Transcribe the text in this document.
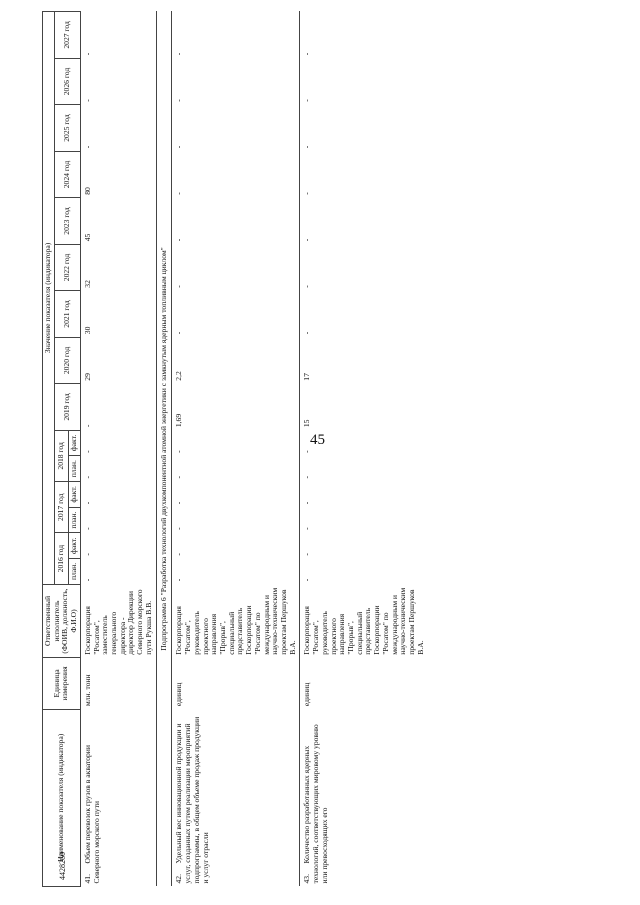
45
4428260
Наименование показателя (индикатора)	Единица измерения	Ответственный исполнитель (ФОИВ, должность, Ф.И.О)	Значение показателя (индикатора)														
			2016 год		2017 год		2018 год		2019 год	2020 год	2021 год	2022 год	2023 год	2024 год	2025 год	2026 год	2027 год
			план.	факт.	план.	факт.	план.	факт.									
41.Объем перевозок грузов в акватории Северного морского пути	млн. тонн	Госкорпорация "Росатом", заместитель генерального директора - директор Дирекции Северного морского пути Рукша В.В.	-	-	-	-	-	-	-	29	30	32	45	80	-	-	-
Подпрограмма 6 "Разработка технологий двухкомпонентной атомной энергетики с замкнутым ядерным топливным циклом"																	
42.Удельный вес инновационной продукции и услуг, созданных путем реализации мероприятий подпрограммы, в общем объеме продаж продукции и услуг отрасли	единиц	Госкорпорация "Росатом", руководитель проектного направления "Прорыв", специальный представитель Госкорпорации "Росатом" по международным и научно-техническим проектам Першуков В.А.	-	-	-	-	-	-	1,69	2,2	-	-	-	-	-	-	-
43.Количество разработанных ядерных технологий, соответствующих мировому уровню или превосходящих его	единиц	Госкорпорация "Росатом", руководитель проектного направления "Прорыв", специальный представитель Госкорпорации "Росатом" по международным и научно-техническим проектам Першуков В.А.	-	-	-	-	-	-	15	17	-	-	-	-	-	-	-
